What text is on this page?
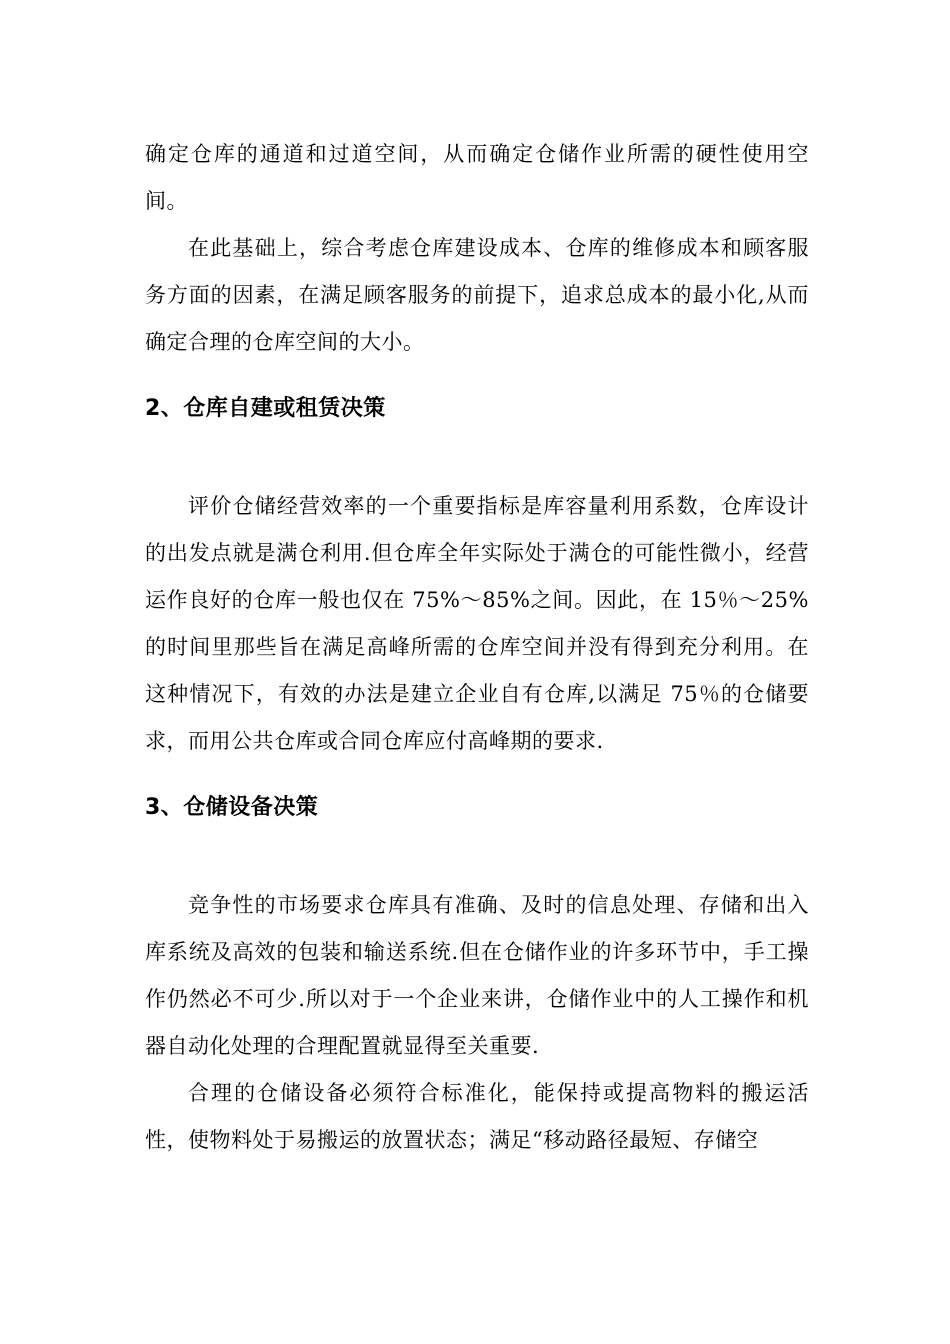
确定仓库的通道和过道空间，从而确定仓储作业所需的硬性使用空间。

在此基础上，综合考虑仓库建设成本、仓库的维修成本和顾客服务方面的因素，在满足顾客服务的前提下，追求总成本的最小化,从而确定合理的仓库空间的大小。

2、仓库自建或租赁决策

评价仓储经营效率的一个重要指标是库容量利用系数，仓库设计的出发点就是满仓利用.但仓库全年实际处于满仓的可能性微小，经营运作良好的仓库一般也仅在 75%～85%之间。因此，在 15％～25%的时间里那些旨在满足高峰所需的仓库空间并没有得到充分利用。在这种情况下，有效的办法是建立企业自有仓库,以满足 75％的仓储要求，而用公共仓库或合同仓库应付高峰期的要求.

3、仓储设备决策

竞争性的市场要求仓库具有准确、及时的信息处理、存储和出入库系统及高效的包装和输送系统.但在仓储作业的许多环节中，手工操作仍然必不可少.所以对于一个企业来讲，仓储作业中的人工操作和机器自动化处理的合理配置就显得至关重要.

合理的仓储设备必须符合标准化，能保持或提高物料的搬运活性，使物料处于易搬运的放置状态；满足“移动路径最短、存储空
